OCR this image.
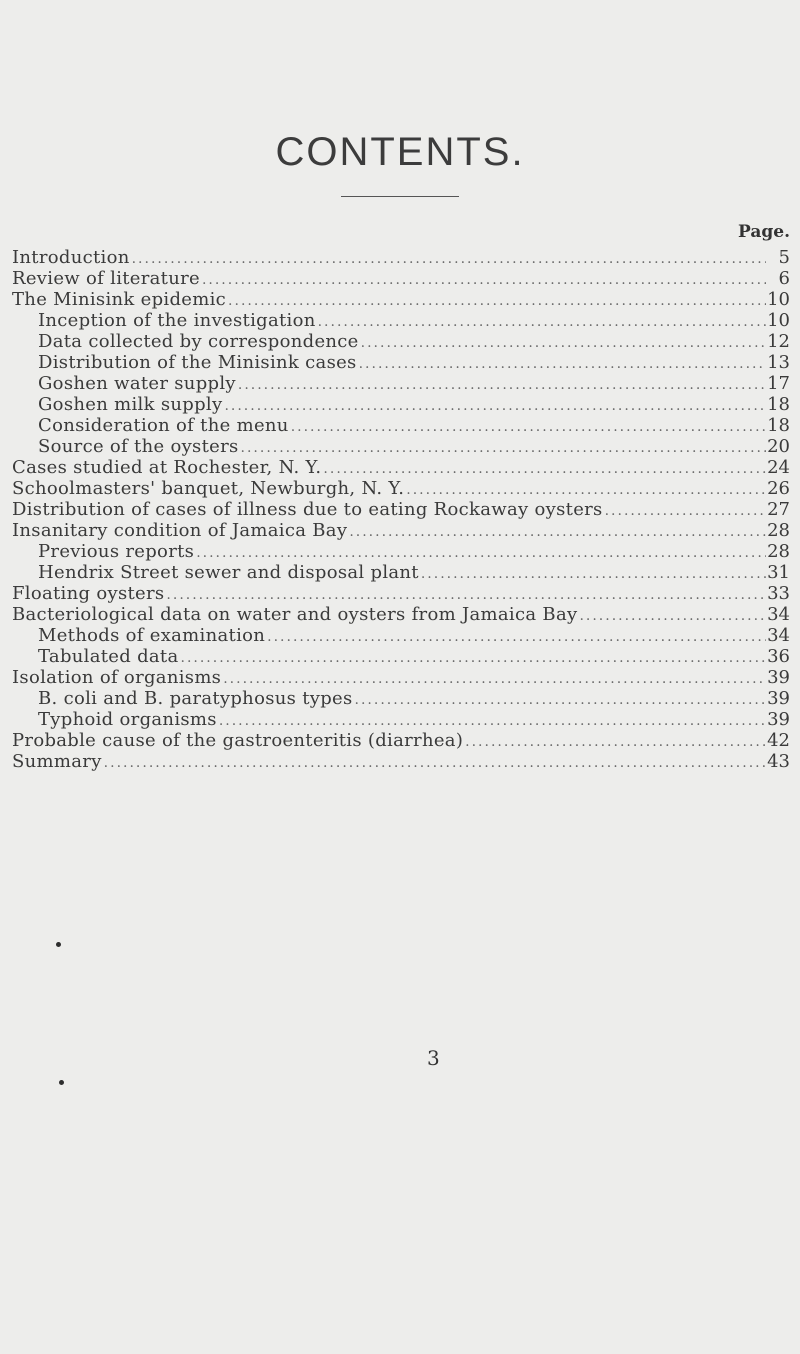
CONTENTS.
Page.
Introduction .....	5
Review of literature .....	6
The Minisink epidemic .....	10
Inception of the investigation .....	10
Data collected by correspondence .....	12
Distribution of the Minisink cases .....	13
Goshen water supply .....	17
Goshen milk supply .....	18
Consideration of the menu .....	18
Source of the oysters .....	20
Cases studied at Rochester, N. Y. .....	24
Schoolmasters' banquet, Newburgh, N. Y. .....	26
Distribution of cases of illness due to eating Rockaway oysters .....	27
Insanitary condition of Jamaica Bay .....	28
Previous reports .....	28
Hendrix Street sewer and disposal plant .....	31
Floating oysters .....	33
Bacteriological data on water and oysters from Jamaica Bay .....	34
Methods of examination .....	34
Tabulated data .....	36
Isolation of organisms .....	39
B. coli and B. paratyphosus types .....	39
Typhoid organisms .....	39
Probable cause of the gastroenteritis (diarrhea) .....	42
Summary .....	43
3
